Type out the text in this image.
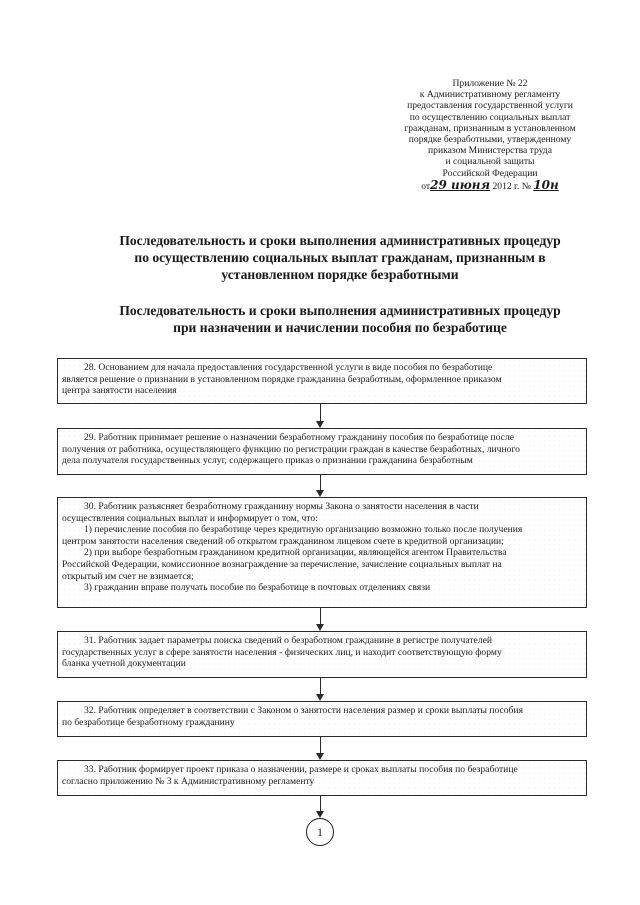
Приложение № 22
к Административному регламенту
предоставления государственной услуги
по осуществлению социальных выплат
гражданам, признанным в установленном
порядке безработными, утвержденному
приказом Министерства труда
и социальной защиты
Российской Федерации
от29 июня 2012 г. № 10н
Последовательность и сроки выполнения административных процедур
по осуществлению социальных выплат гражданам, признанным в
установленном порядке безработными
Последовательность и сроки выполнения административных процедур
при назначении и начислении пособия по безработице
28. Основанием для начала предоставления государственной услуги в виде пособия по безработице
является решение о признании в установленном порядке гражданина безработным, оформленное приказом
центра занятости населения
29. Работник принимает решение о назначении безработному гражданину пособия по безработице после
получения от работника, осуществляющего функцию по регистрации граждан в качестве безработных, личного
дела получателя государственных услуг, содержащего приказ о признании гражданина безработным
30. Работник разъясняет безработному гражданину нормы Закона о занятости населения в части
осуществления социальных выплат и информирует о том, что:
1) перечисление пособия по безработице через кредитную организацию возможно только после получения
центром занятости населения сведений об открытом гражданином лицевом счете в кредитной организации;
2) при выборе безработным гражданином кредитной организации, являющейся агентом Правительства
Российской Федерации, комиссионное вознаграждение за перечисление, зачисление социальных выплат на
открытый им счет не взимается;
3) гражданин вправе получать пособие по безработице в почтовых отделениях связи
31. Работник задает параметры поиска сведений о безработном гражданине в регистре получателей
государственных услуг в сфере занятости населения - физических лиц, и находит соответствующую форму
бланка учетной документации
32. Работник определяет в соответствии с Законом о занятости населения размер и сроки выплаты пособия
по безработице безработному гражданину
33. Работник формирует проект приказа о назначении, размере и сроках выплаты пособия по безработице
согласно приложению № 3 к Административному регламенту
1
